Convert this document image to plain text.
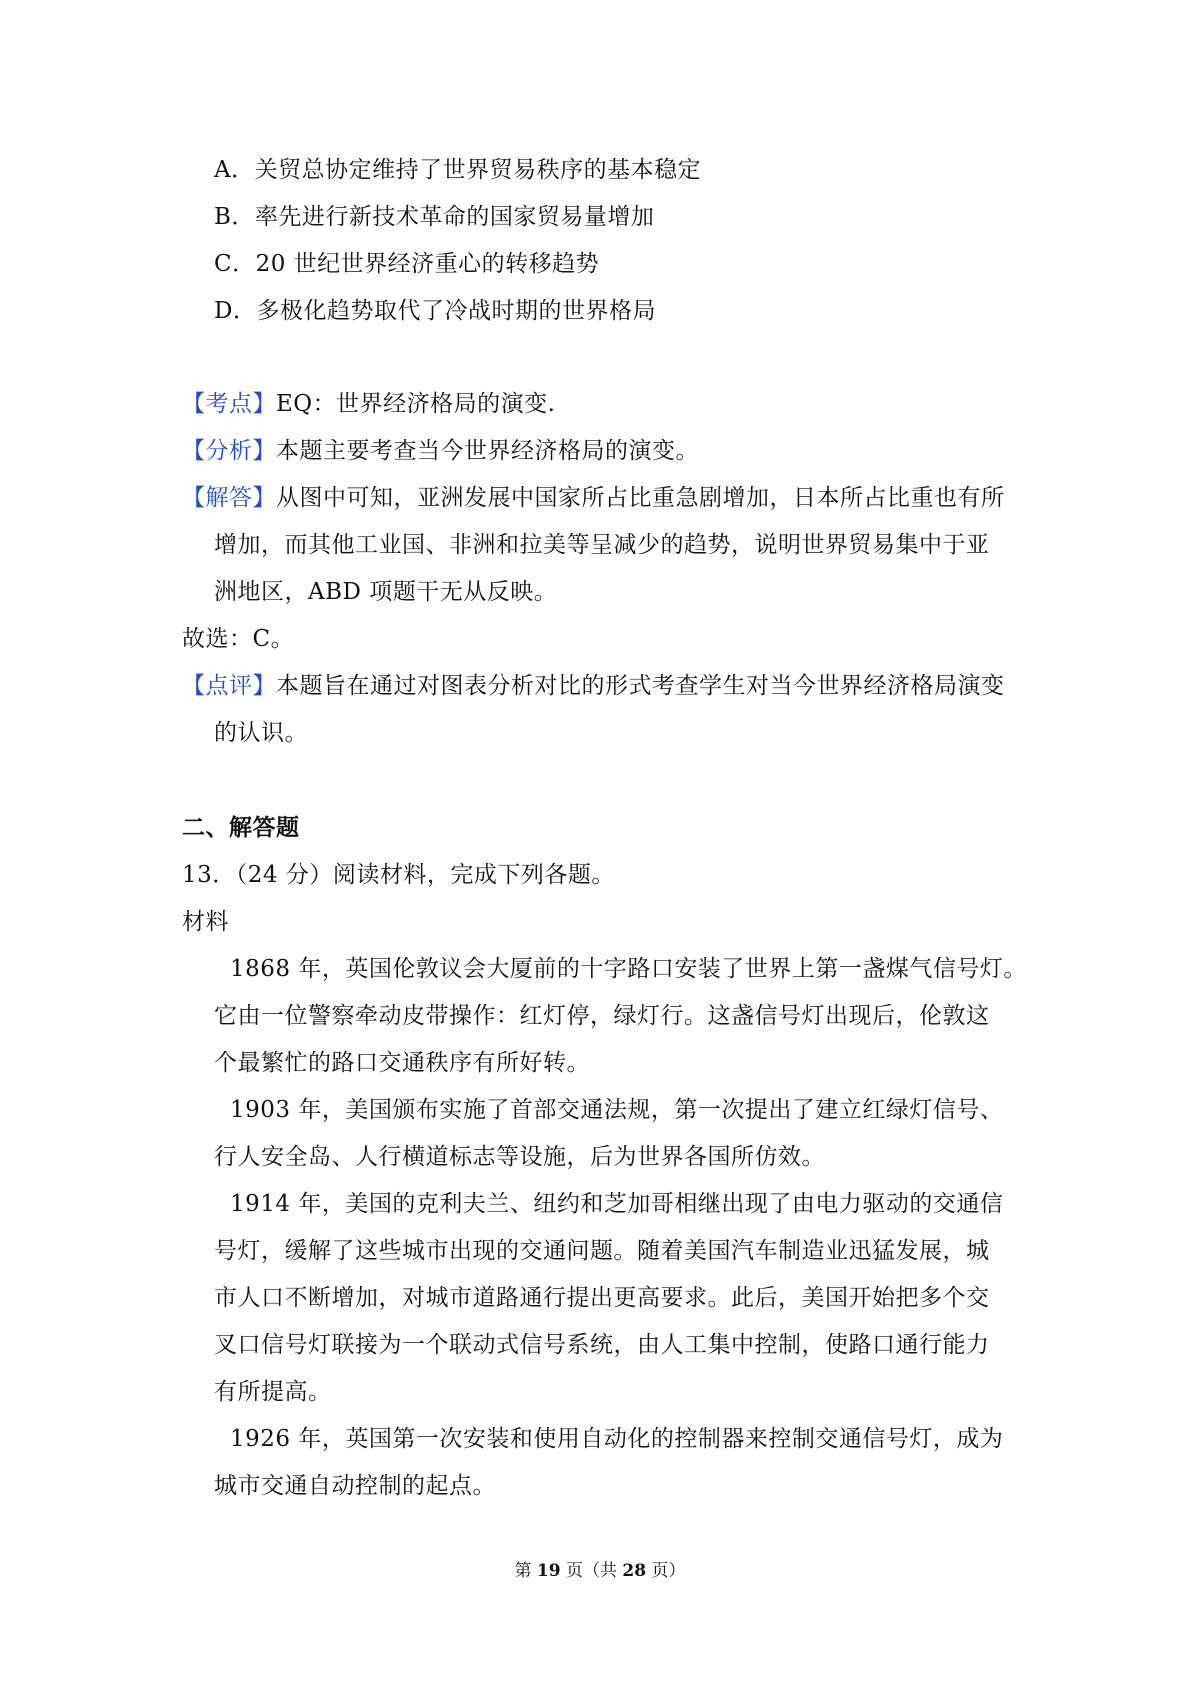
A．关贸总协定维持了世界贸易秩序的基本稳定
B．率先进行新技术革命的国家贸易量增加
C．20 世纪世界经济重心的转移趋势
D．多极化趋势取代了冷战时期的世界格局
【考点】EQ：世界经济格局的演变.
【分析】本题主要考查当今世界经济格局的演变。
【解答】从图中可知，亚洲发展中国家所占比重急剧增加，日本所占比重也有所
增加，而其他工业国、非洲和拉美等呈减少的趋势，说明世界贸易集中于亚
洲地区，ABD 项题干无从反映。
故选：C。
【点评】本题旨在通过对图表分析对比的形式考查学生对当今世界经济格局演变
的认识。
二、解答题
13．（24 分）阅读材料，完成下列各题。
材料
1868 年，英国伦敦议会大厦前的十字路口安装了世界上第一盏煤气信号灯。
它由一位警察牵动皮带操作：红灯停，绿灯行。这盏信号灯出现后，伦敦这
个最繁忙的路口交通秩序有所好转。
1903 年，美国颁布实施了首部交通法规，第一次提出了建立红绿灯信号、
行人安全岛、人行横道标志等设施，后为世界各国所仿效。
1914 年，美国的克利夫兰、纽约和芝加哥相继出现了由电力驱动的交通信
号灯，缓解了这些城市出现的交通问题。随着美国汽车制造业迅猛发展，城
市人口不断增加，对城市道路通行提出更高要求。此后，美国开始把多个交
叉口信号灯联接为一个联动式信号系统，由人工集中控制，使路口通行能力
有所提高。
1926 年，英国第一次安装和使用自动化的控制器来控制交通信号灯，成为
城市交通自动控制的起点。
第 19 页（共 28 页）
